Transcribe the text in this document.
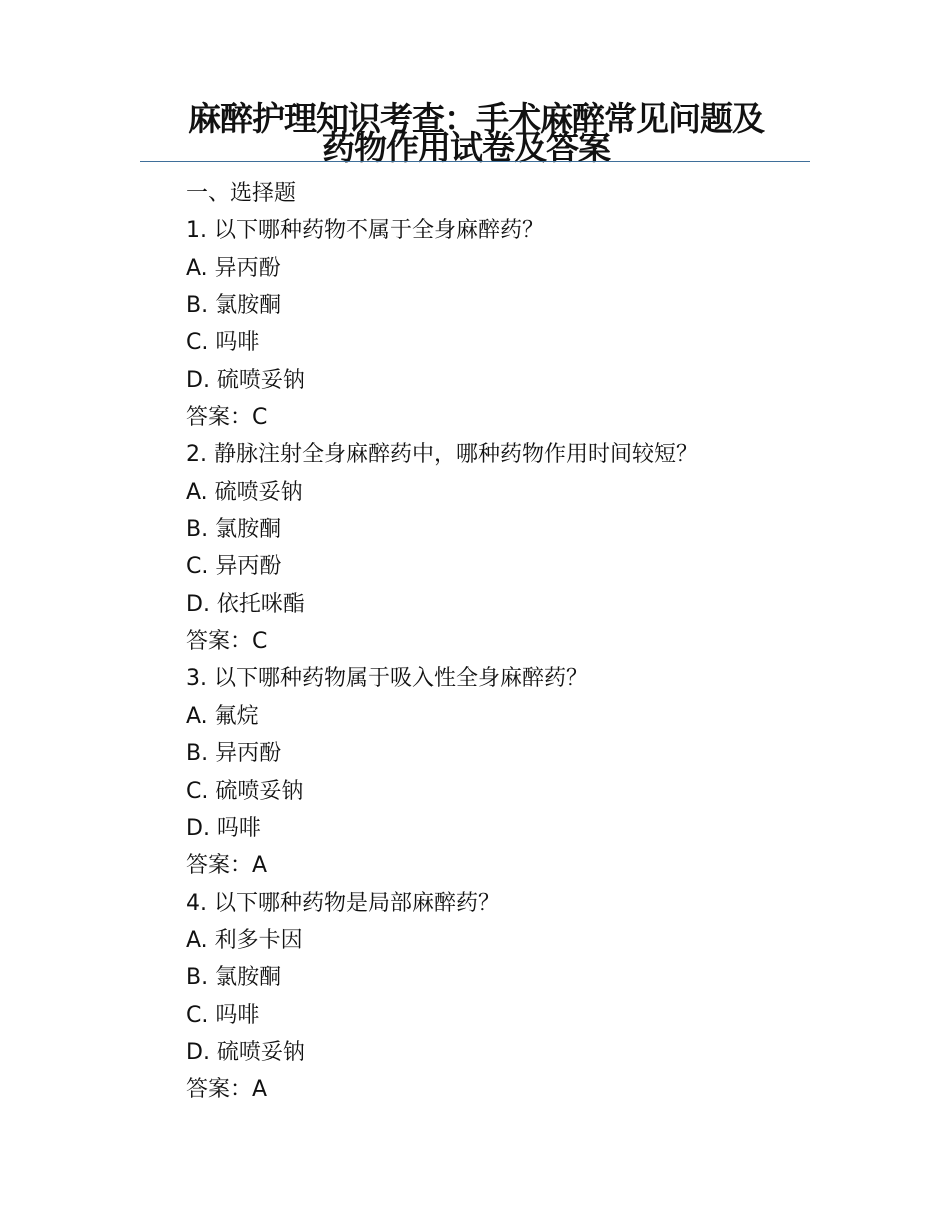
麻醉护理知识考查：手术麻醉常见问题及
药物作用试卷及答案
一、选择题
1. 以下哪种药物不属于全身麻醉药？
A. 异丙酚
B. 氯胺酮
C. 吗啡
D. 硫喷妥钠
答案：C
2. 静脉注射全身麻醉药中，哪种药物作用时间较短？
A. 硫喷妥钠
B. 氯胺酮
C. 异丙酚
D. 依托咪酯
答案：C
3. 以下哪种药物属于吸入性全身麻醉药？
A. 氟烷
B. 异丙酚
C. 硫喷妥钠
D. 吗啡
答案：A
4. 以下哪种药物是局部麻醉药？
A. 利多卡因
B. 氯胺酮
C. 吗啡
D. 硫喷妥钠
答案：A
